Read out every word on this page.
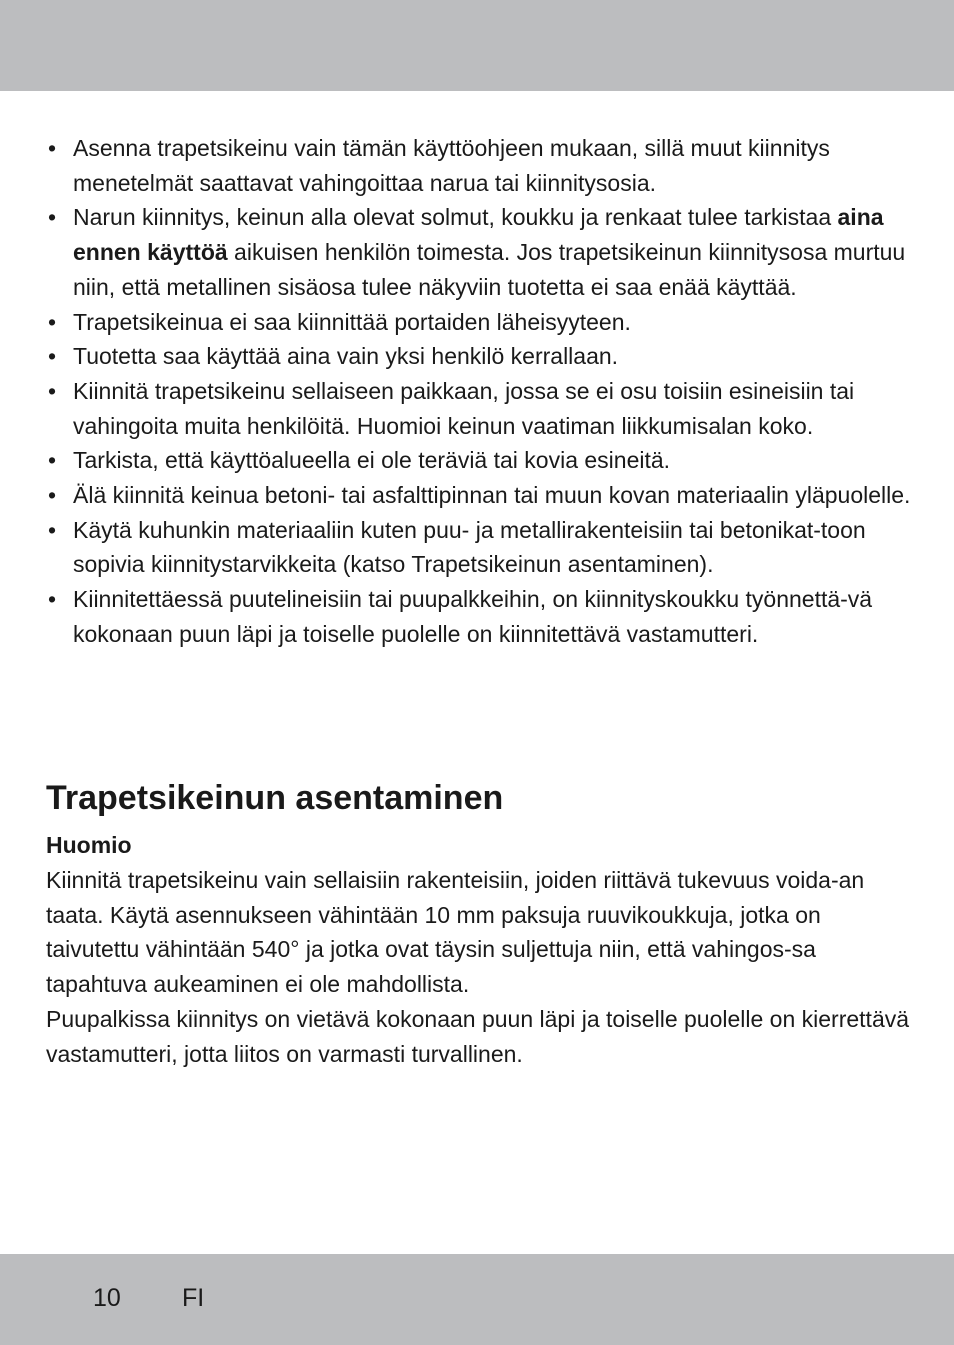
• Asenna trapetsikeinu vain tämän käyttöohjeen mukaan, sillä muut kiinnitys menetelmät saattavat vahingoittaa narua tai kiinnitysosia.
• Narun kiinnitys, keinun alla olevat solmut, koukku ja renkaat tulee tarkistaa aina ennen käyttöä aikuisen henkilön toimesta. Jos trapetsikeinun kiinnitysosa murtuu niin, että metallinen sisäosa tulee näkyviin tuotetta ei saa enää käyttää.
• Trapetsikeinua ei saa kiinnittää portaiden läheisyyteen.
• Tuotetta saa käyttää aina vain yksi henkilö kerrallaan.
• Kiinnitä trapetsikeinu sellaiseen paikkaan, jossa se ei osu toisiin esineisiin tai vahingoita muita henkilöitä. Huomioi keinun vaatiman liikkumisalan koko.
• Tarkista, että käyttöalueella ei ole teräviä tai kovia esineitä.
• Älä kiinnitä keinua betoni- tai asfalttipinnan tai muun kovan materiaalin yläpuolelle.
• Käytä kuhunkin materiaaliin kuten puu- ja metallirakenteisiin tai betonikat-toon sopivia kiinnitystarvikkeita (katso Trapetsikeinun asentaminen).
• Kiinnitettäessä puutelineisiin tai puupalkkeihin, on kiinnityskoukku työnnettä-vä kokonaan puun läpi ja toiselle puolelle on kiinnitettävä vastamutteri.
Trapetsikeinun asentaminen
Huomio

Kiinnitä trapetsikeinu vain sellaisiin rakenteisiin, joiden riittävä tukevuus voida-an taata. Käytä asennukseen vähintään 10 mm paksuja ruuvikoukkuja, jotka on taivutettu vähintään 540° ja jotka ovat täysin suljettuja niin, että vahingos-sa tapahtuva aukeaminen ei ole mahdollista.

Puupalkissa kiinnitys on vietävä kokonaan puun läpi ja toiselle puolelle on kierrettävä vastamutteri, jotta liitos on varmasti turvallinen.

10 FI
